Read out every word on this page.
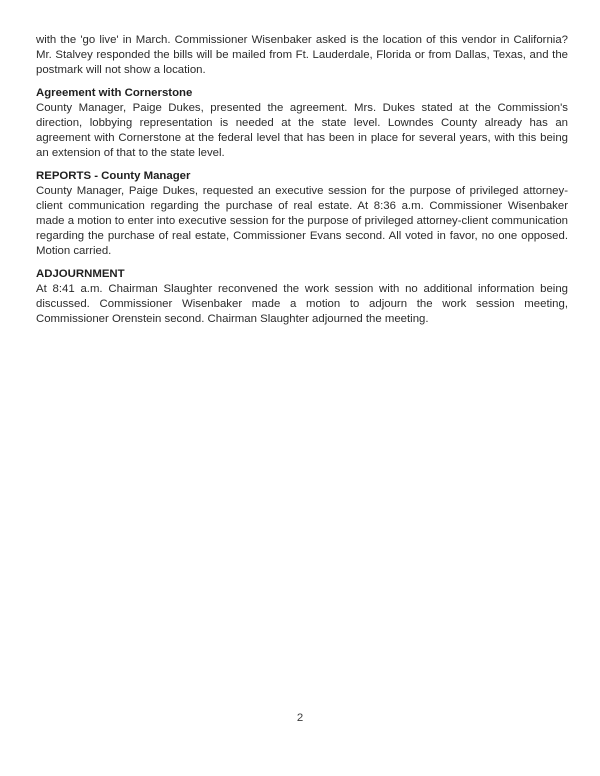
with the 'go live' in March. Commissioner Wisenbaker asked is the location of this vendor in California? Mr. Stalvey responded the bills will be mailed from Ft. Lauderdale, Florida or from Dallas, Texas, and the postmark will not show a location.

Agreement with Cornerstone

County Manager, Paige Dukes, presented the agreement. Mrs. Dukes stated at the Commission's direction, lobbying representation is needed at the state level. Lowndes County already has an agreement with Cornerstone at the federal level that has been in place for several years, with this being an extension of that to the state level.

REPORTS - County Manager

County Manager, Paige Dukes, requested an executive session for the purpose of privileged attorney-client communication regarding the purchase of real estate. At 8:36 a.m. Commissioner Wisenbaker made a motion to enter into executive session for the purpose of privileged attorney-client communication regarding the purchase of real estate, Commissioner Evans second. All voted in favor, no one opposed. Motion carried.

ADJOURNMENT

At 8:41 a.m. Chairman Slaughter reconvened the work session with no additional information being discussed. Commissioner Wisenbaker made a motion to adjourn the work session meeting, Commissioner Orenstein second. Chairman Slaughter adjourned the meeting.

2
